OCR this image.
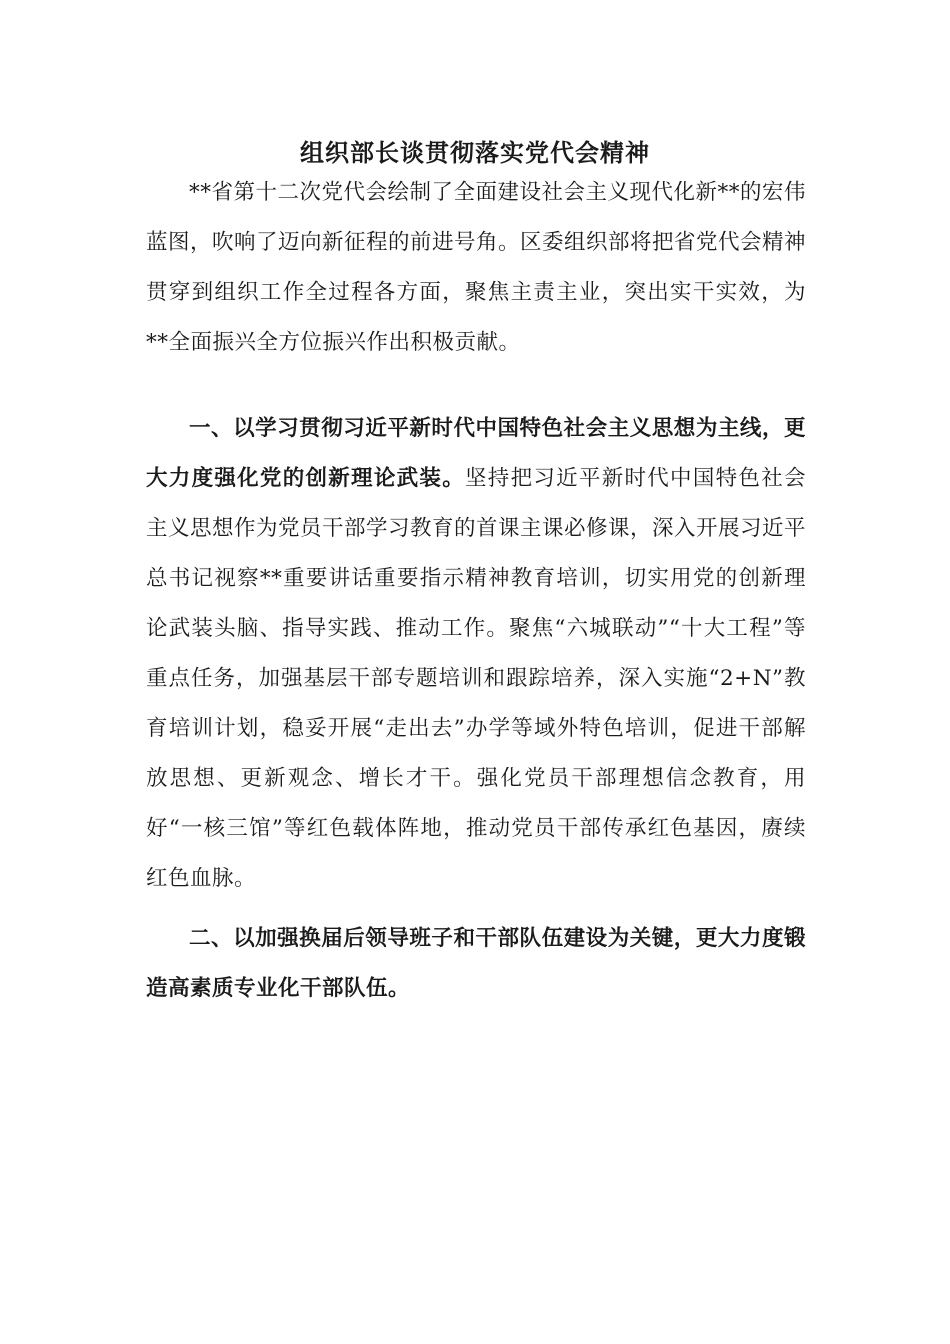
组织部长谈贯彻落实党代会精神

**省第十二次党代会绘制了全面建设社会主义现代化新**的宏伟蓝图，吹响了迈向新征程的前进号角。区委组织部将把省党代会精神贯穿到组织工作全过程各方面，聚焦主责主业，突出实干实效，为**全面振兴全方位振兴作出积极贡献。

一、以学习贯彻习近平新时代中国特色社会主义思想为主线，更大力度强化党的创新理论武装。坚持把习近平新时代中国特色社会主义思想作为党员干部学习教育的首课主课必修课，深入开展习近平总书记视察**重要讲话重要指示精神教育培训，切实用党的创新理论武装头脑、指导实践、推动工作。聚焦“六城联动”“十大工程”等重点任务，加强基层干部专题培训和跟踪培养，深入实施“2+N”教育培训计划，稳妥开展“走出去”办学等域外特色培训，促进干部解放思想、更新观念、增长才干。强化党员干部理想信念教育，用好“一核三馆”等红色载体阵地，推动党员干部传承红色基因，赓续红色血脉。

二、以加强换届后领导班子和干部队伍建设为关键，更大力度锻造高素质专业化干部队伍。
